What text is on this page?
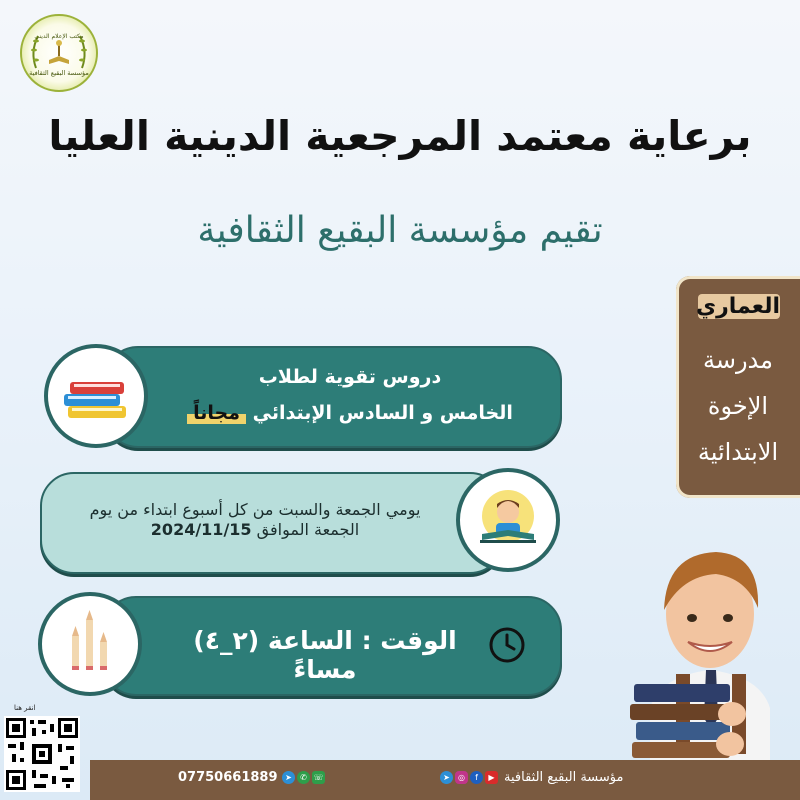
مكتب الإعلام الديني
مؤسسة البقيع الثقافية
برعاية معتمد المرجعية الدينية العليا
تقيم مؤسسة البقيع الثقافية
العماري
مدرسة
الإخوة
الابتدائية
دروس تقوية لطلاب
الخامس و السادس الإبتدائي مجاناً
يومي الجمعة والسبت من كل أسبوع ابتداء من يوم
الجمعة الموافق 2024/11/15
الوقت : الساعة (٢_٤) مساءً
انقر هنا
07750661889 ➤	✆ ☏	➤	◎	f	▶ مؤسسة البقيع الثقافية
